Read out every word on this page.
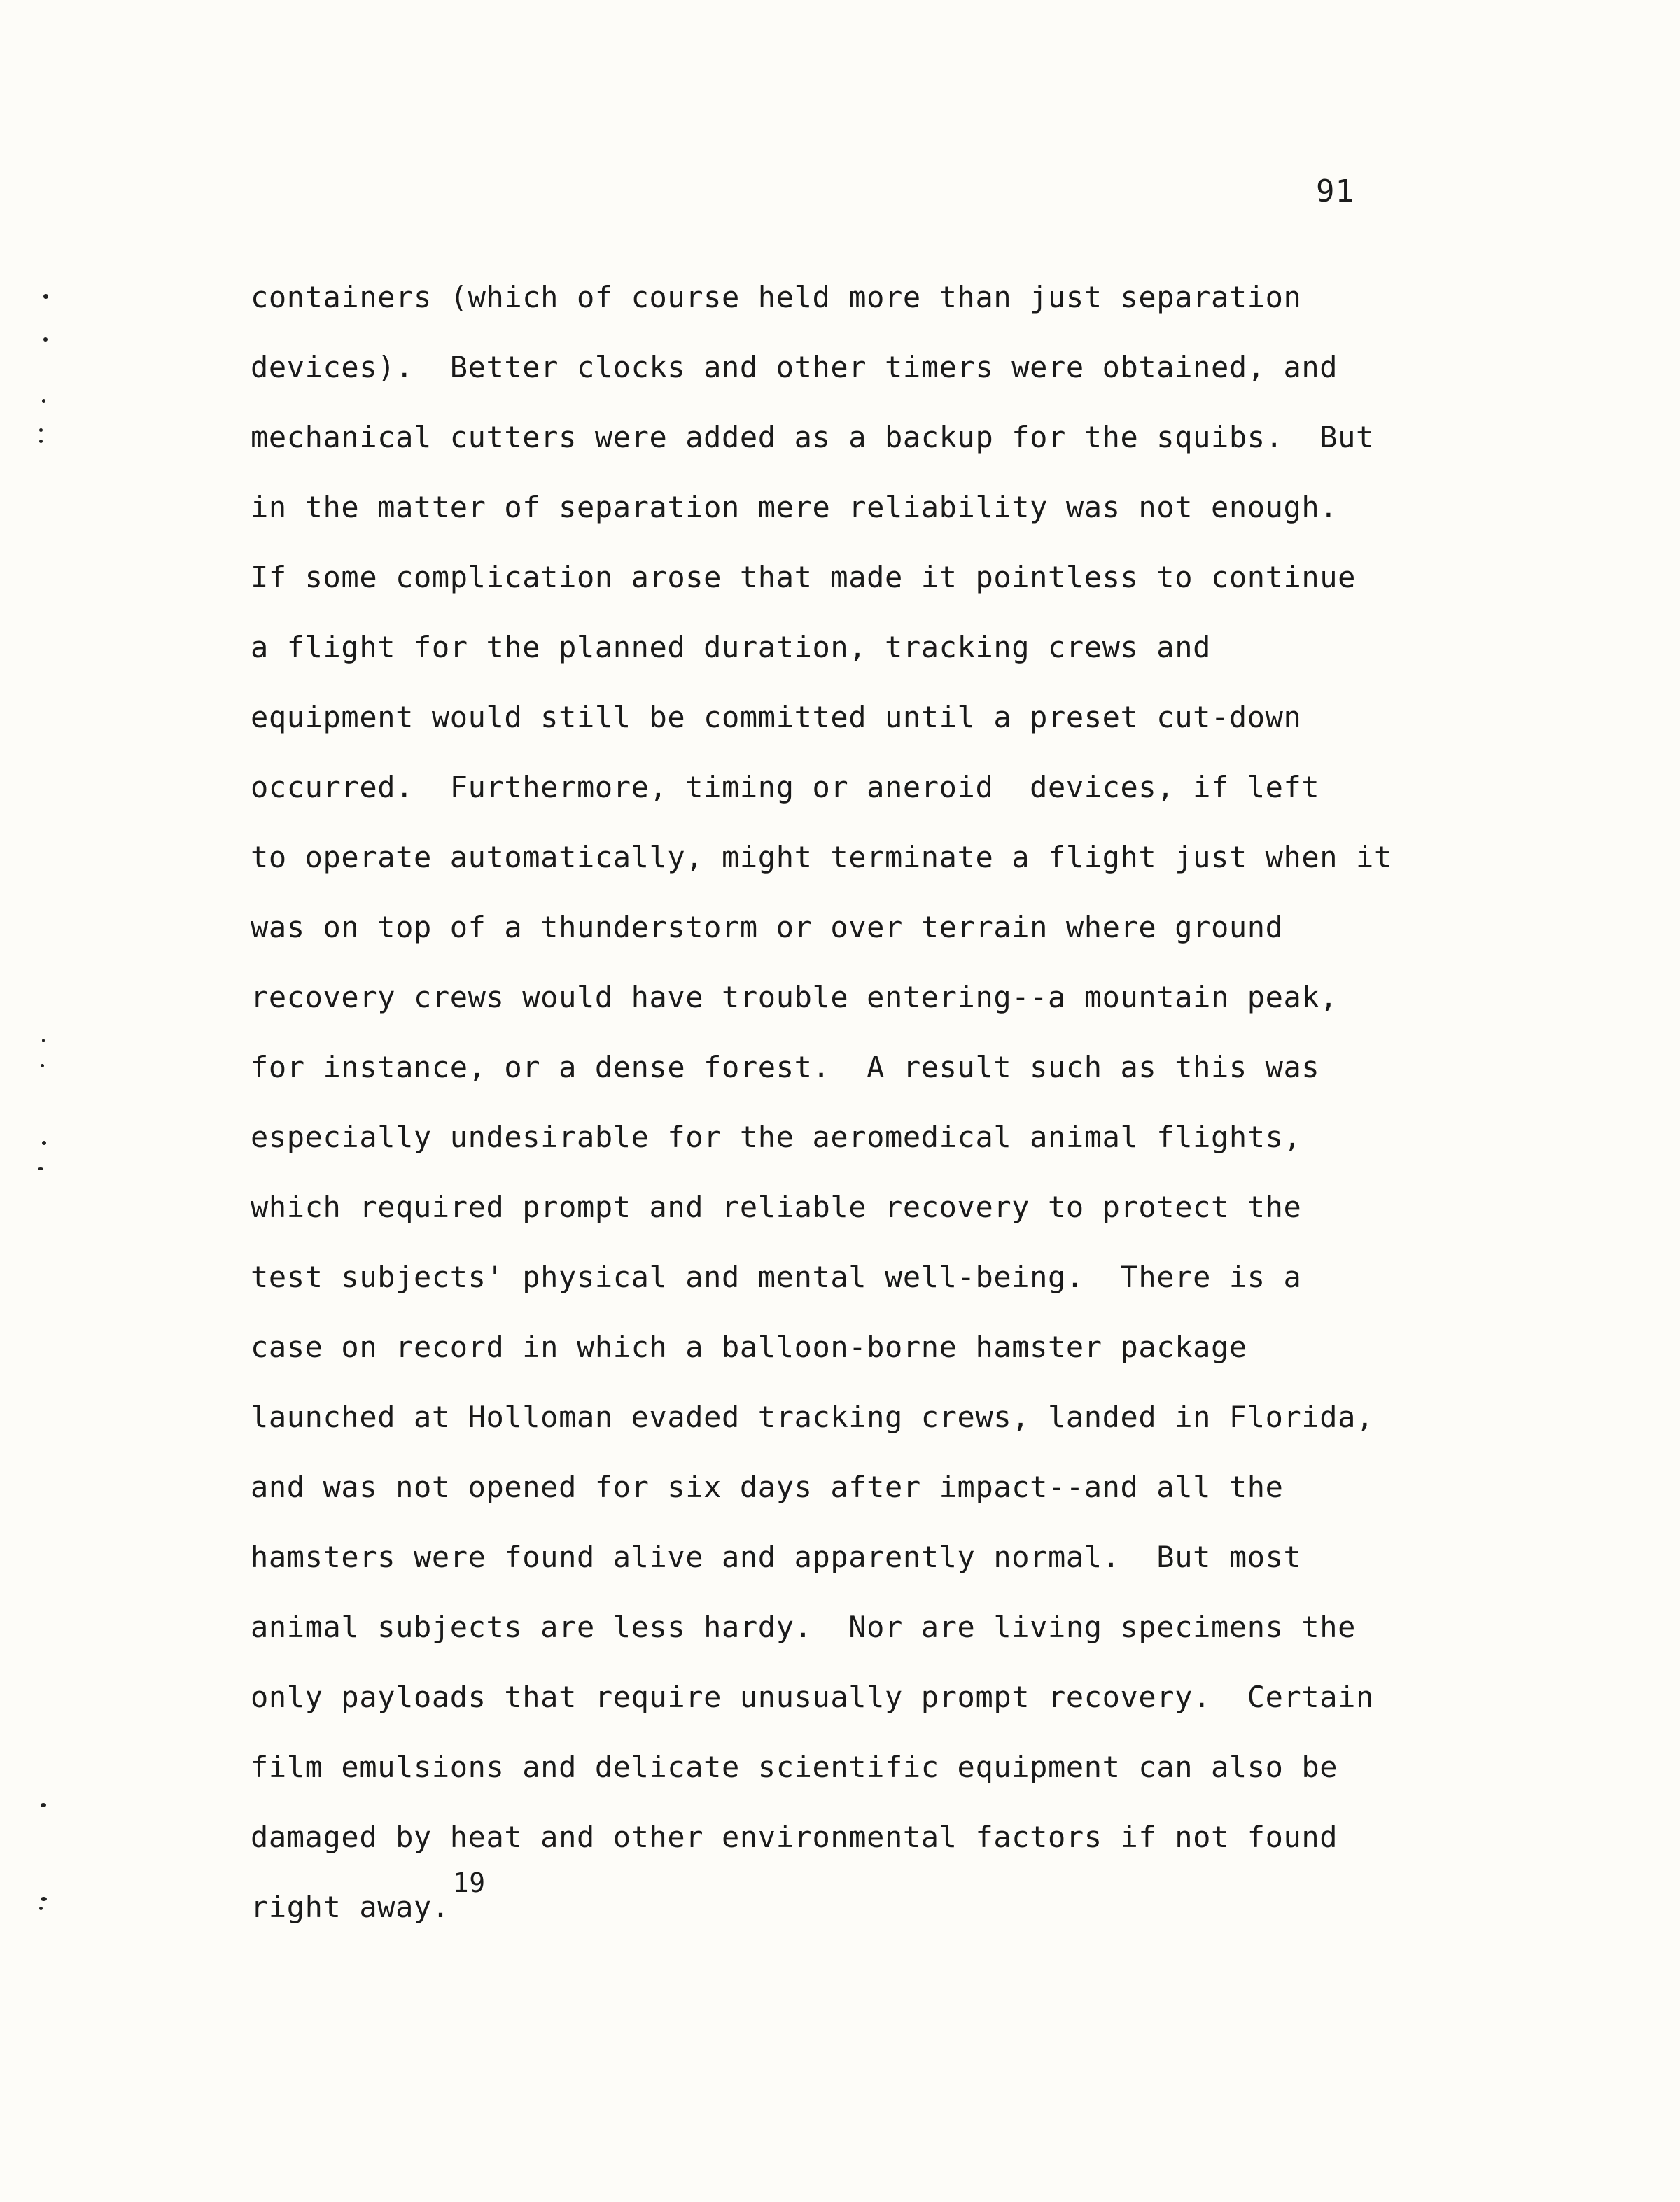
91
containers (which of course held more than just separation
devices).  Better clocks and other timers were obtained, and
mechanical cutters were added as a backup for the squibs.  But
in the matter of separation mere reliability was not enough.
If some complication arose that made it pointless to continue
a flight for the planned duration, tracking crews and
equipment would still be committed until a preset cut-down
occurred.  Furthermore, timing or aneroid  devices, if left
to operate automatically, might terminate a flight just when it
was on top of a thunderstorm or over terrain where ground
recovery crews would have trouble entering--a mountain peak,
for instance, or a dense forest.  A result such as this was
especially undesirable for the aeromedical animal flights,
which required prompt and reliable recovery to protect the
test subjects' physical and mental well-being.  There is a
case on record in which a balloon-borne hamster package
launched at Holloman evaded tracking crews, landed in Florida,
and was not opened for six days after impact--and all the
hamsters were found alive and apparently normal.  But most
animal subjects are less hardy.  Nor are living specimens the
only payloads that require unusually prompt recovery.  Certain
film emulsions and delicate scientific equipment can also be
damaged by heat and other environmental factors if not found
right away.19
